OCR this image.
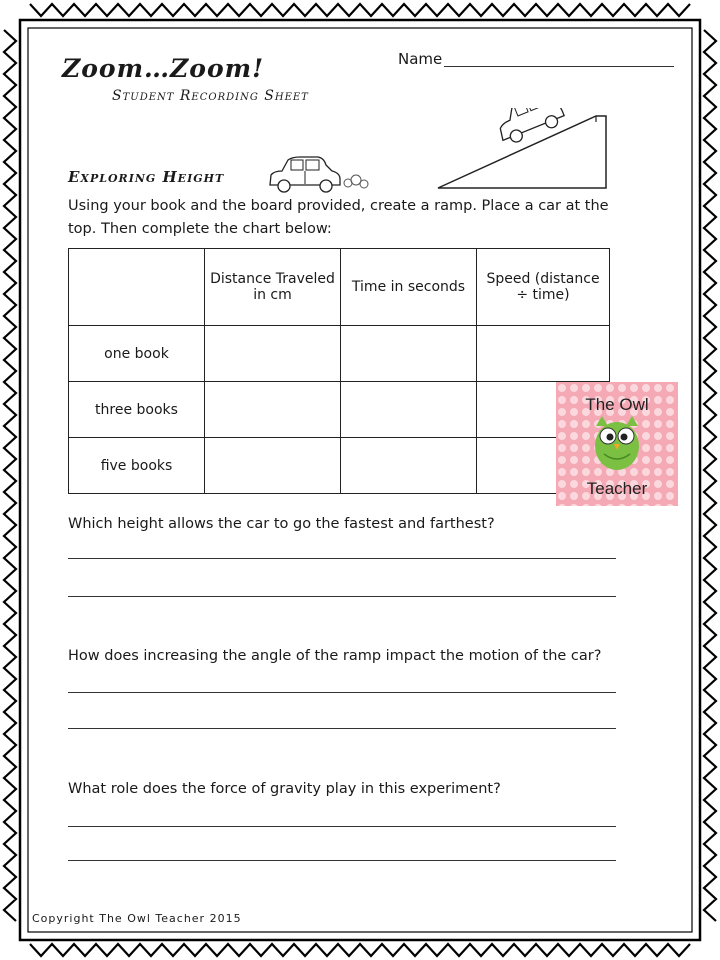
Zoom…Zoom!
Student Recording Sheet
Name
Exploring Height
Using your book and the board provided, create a ramp. Place a car at the top. Then complete the chart below:
	Distance Traveled in cm	Time in seconds	Speed (distance ÷ time)
one book			
three books			
five books			
The Owl
Teacher
Which height allows the car to go the fastest and farthest?
How does increasing the angle of the ramp impact the motion of the car?
What role does the force of gravity play in this experiment?
Copyright The Owl Teacher 2015
